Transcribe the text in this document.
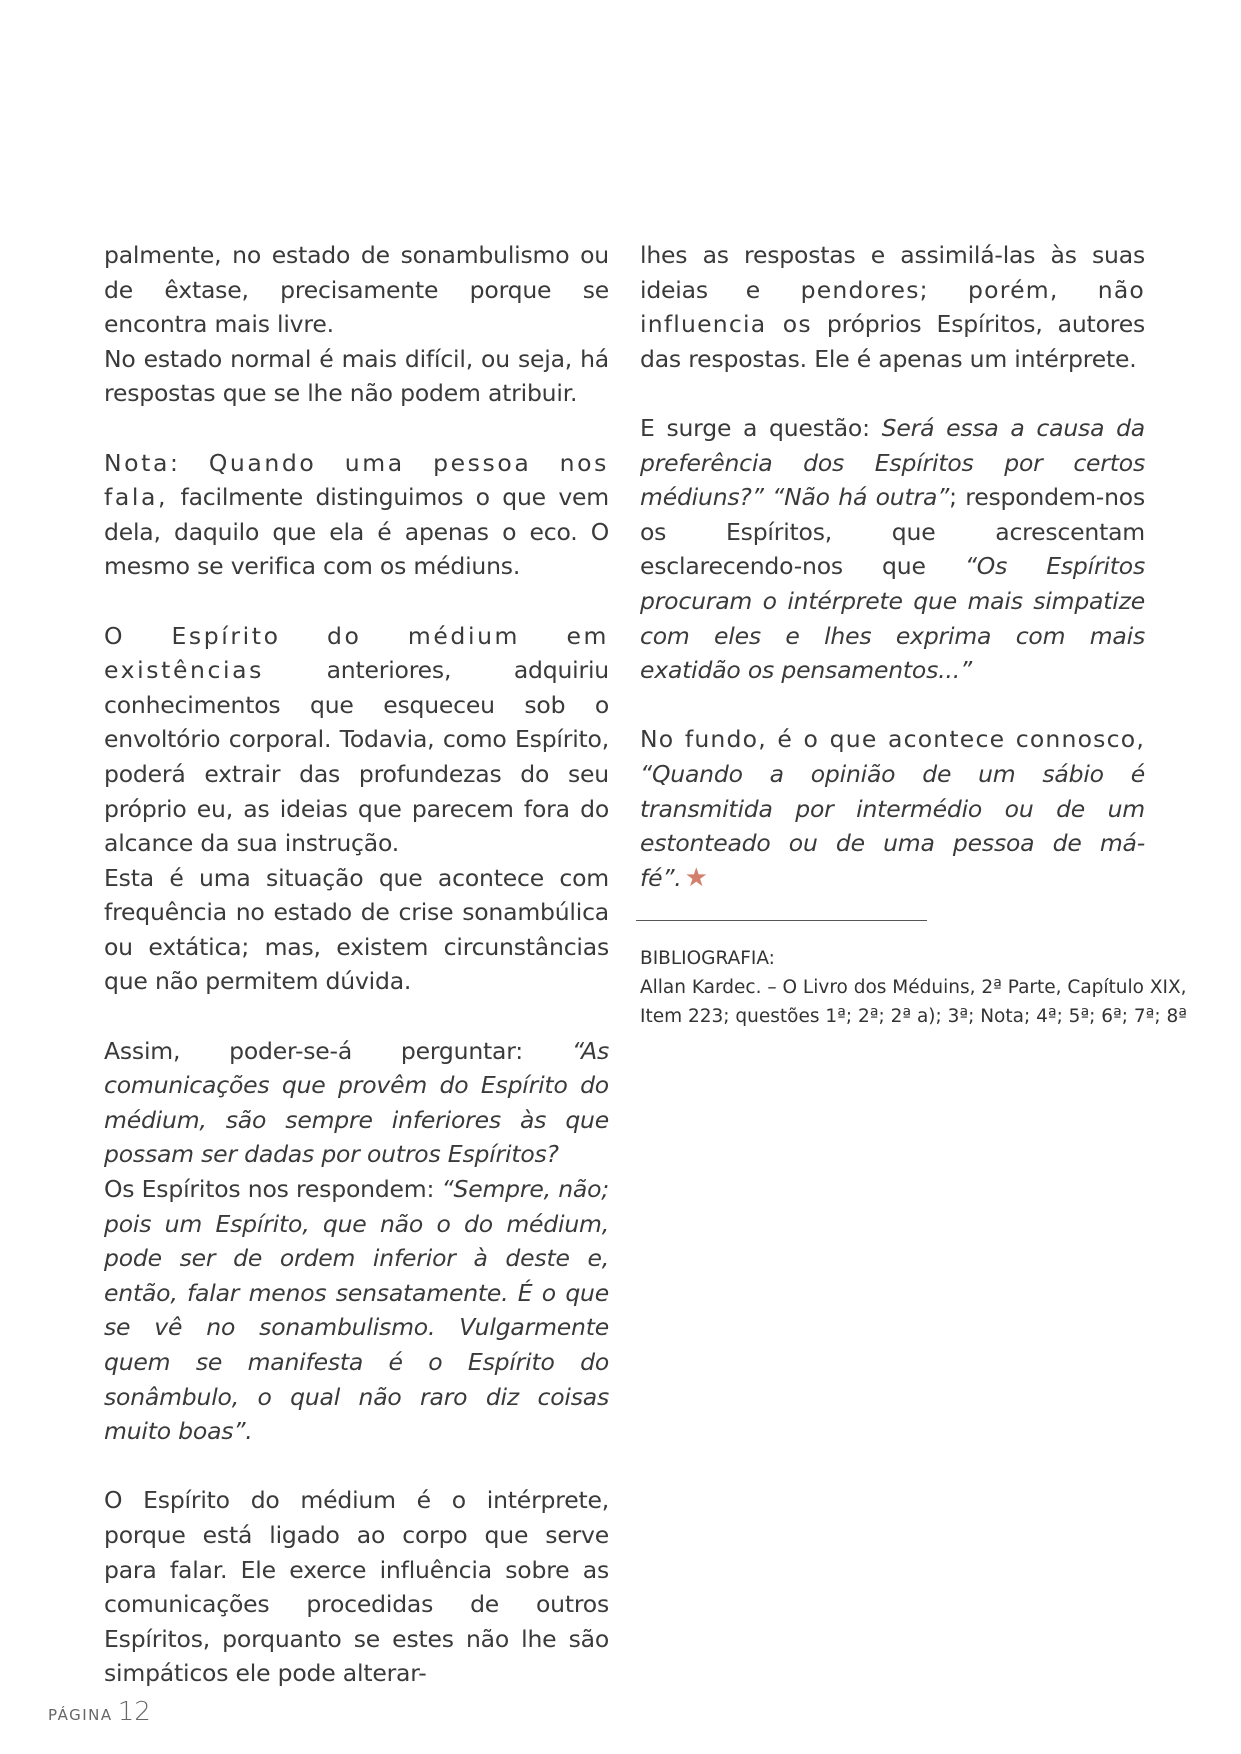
palmente, no estado de sonambulismo ou de êxtase, precisamente porque se encontra mais livre.
No estado normal é mais difícil, ou seja, há respostas que se lhe não podem atribuir.

Nota: Quando uma pessoa nos fala, facilmente distinguimos o que vem dela, daquilo que ela é apenas o eco. O mesmo se verifica com os médiuns.

O Espírito do médium em existências	anteriores, adquiriu conhecimentos que esqueceu sob o envoltório corporal. Todavia, como Espírito, poderá extrair das profundezas do seu próprio eu, as ideias que parecem fora do alcance da sua instrução.
Esta é uma situação que acontece com frequência no estado de crise sonambúlica ou extática; mas, existem circunstâncias que não permitem dúvida.

Assim, poder-se-á perguntar: “As comunicações que provêm do Espírito do médium, são sempre inferiores às que possam ser dadas por outros Espíritos?
Os Espíritos nos respondem: “Sempre, não; pois um Espírito, que não o do médium, pode ser de ordem inferior à deste e, então, falar menos sensatamente. É o que se vê no sonambulismo. Vulgarmente quem se manifesta é o Espírito do sonâmbulo, o qual não raro diz coisas muito boas”.

O Espírito do médium é o intérprete, porque está ligado ao corpo que serve para falar. Ele exerce influência sobre as comunicações procedidas de outros Espíritos, porquanto se estes não lhe são simpáticos ele pode alterar-

lhes as respostas e assimilá-las às suas ideias e pendores; porém, não influencia os próprios Espíritos, autores das respostas. Ele é apenas um intérprete.

E surge a questão: Será essa a causa da preferência dos Espíritos por certos médiuns?” “Não há outra”; respondem-nos os Espíritos, que acrescentam esclarecendo-nos que “Os Espíritos procuram o intérprete que mais simpatize com eles e lhes exprima com mais exatidão os pensamentos...”

No fundo, é o que acontece connosco, “Quando a opinião de um sábio é transmitida por intermédio ou de um estonteado ou de uma pessoa de má-fé”. ★

BIBLIOGRAFIA:
Allan Kardec. – O Livro dos Méduins, 2ª Parte, Capítulo XIX,
Item 223; questões 1ª; 2ª; 2ª a); 3ª; Nota; 4ª; 5ª; 6ª; 7ª; 8ª
PÁGINA 12
